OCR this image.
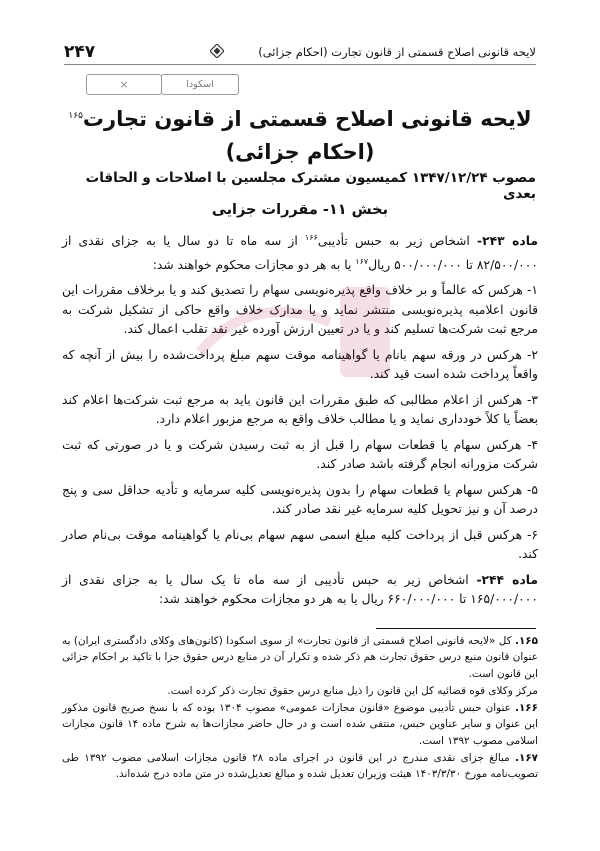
۲۴۷	لایحه قانونی اصلاح قسمتی از قانون تجارت (احکام جزائی)
اسکودا
×
لایحه قانونی اصلاح قسمتی از قانون تجارت$^{۱۶۵}$
(احکام جزائی)
مصوب ۱۳۴۷/۱۲/۲۴ کمیسیون مشترک مجلسین با اصلاحات و الحاقات بعدی
بخش ۱۱- مقررات جزایی

ماده ۲۴۳- اشخاص زیر به حبس تأدیبی$^{۱۶۶}$ از سه ماه تا دو سال یا به جزای نقدی از ۸۲/۵۰۰/۰۰۰ تا ۵۰۰/۰۰۰/۰۰۰ ریال$^{۱۶۷}$ یا به هر دو مجازات محکوم خواهند شد:

۱- هرکس که عالماً و بر خلاف واقع پذیره‌نویسی سهام را تصدیق کند و یا برخلاف مقررات این قانون اعلامیه پذیره‌نویسی منتشر نماید و یا مدارک خلاف واقع حاکی از تشکیل شرکت به مرجع ثبت شرکت‌ها تسلیم کند و یا در تعیین ارزش آورده غیر نقد تقلب اعمال کند.

۲- هرکس در ورقه سهم بانام یا گواهینامه موقت سهم مبلغ پرداخت‌شده را بیش از آنچه که واقعاً پرداخت شده است قید کند.

۳- هرکس از اعلام مطالبی که طبق مقررات این قانون باید به مرجع ثبت شرکت‌ها اعلام کند بعضاً یا کلاً خودداری نماید و یا مطالب خلاف واقع به مرجع مزبور اعلام دارد.

۴- هرکس سهام یا قطعات سهام را قبل از به ثبت رسیدن شرکت و یا در صورتی که ثبت شرکت مزورانه انجام گرفته باشد صادر کند.

۵- هرکس سهام یا قطعات سهام را بدون پذیره‌نویسی کلیه سرمایه و تأدیه حداقل سی و پنج درصد آن و نیز تحویل کلیه سرمایه غیر نقد صادر کند.

۶- هرکس قبل از پرداخت کلیه مبلغ اسمی سهم سهام بی‌نام یا گواهینامه موقت بی‌نام صادر کند.

ماده ۲۴۴- اشخاص زیر به حبس تأدیبی از سه ماه تا یک سال یا به جزای نقدی از ۱۶۵/۰۰۰/۰۰۰ تا ۶۶۰/۰۰۰/۰۰۰ ریال یا به هر دو مجازات محکوم خواهند شد:

۱۶۵. کل «لایحه قانونی اصلاح قسمتی از قانون تجارت» از سوی اسکودا (کانون‌های وکلای دادگستری ایران) به عنوان قانون منبع درس حقوق تجارت هم ذکر شده و تکرار آن در منابع درس حقوق جزا با تاکید بر احکام جزائی این قانون است.

مرکز وکلای قوه قضائیه کل این قانون را ذیل منابع درس حقوق تجارت ذکر کرده است.

۱۶۶. عنوان حبس تأدیبی موضوع «قانون مجازات عمومی» مصوب ۱۳۰۴ بوده که با نسخ صریح قانون مذکور این عنوان و سایر عناوین حبس، منتفی شده است و در حال حاضر مجازات‌ها به شرح ماده ۱۴ قانون مجازات اسلامی مصوب ۱۳۹۲ است.

۱۶۷. مبالغ جزای نقدی مندرج در این قانون در اجرای ماده ۲۸ قانون مجازات اسلامی مصوب ۱۳۹۲ طی تصویب‌نامه مورخ ۱۴۰۳/۳/۳۰ هیئت وزیران تعدیل شده و مبالغ تعدیل‌شده در متن ماده درج شده‌اند.
